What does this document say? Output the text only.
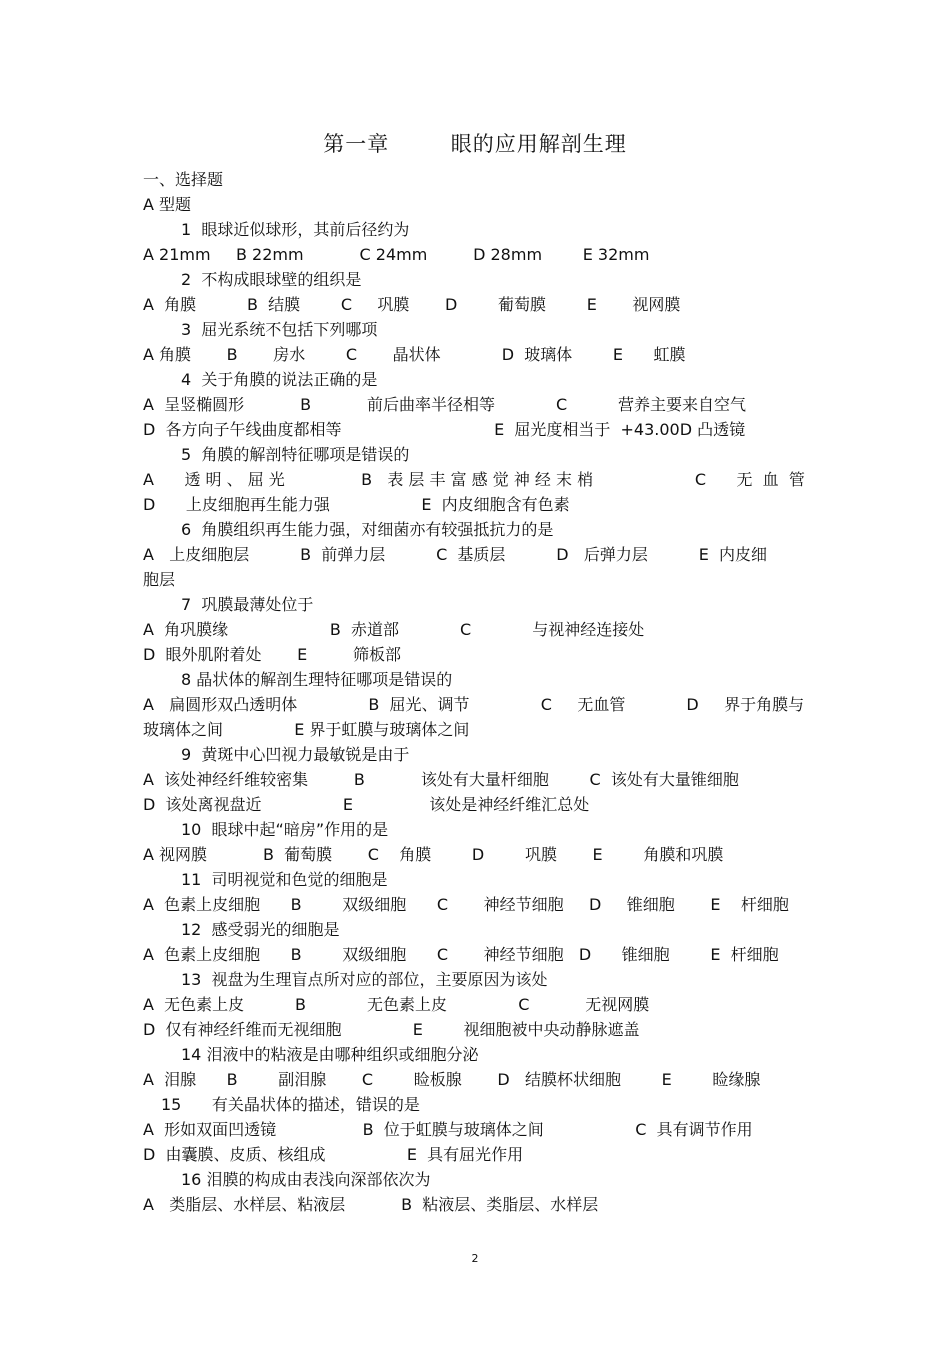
第一章        眼的应用解剖生理
一、选择题
A 型题
1  眼球近似球形，其前后径约为
A 21mm     B 22mm           C 24mm         D 28mm        E 32mm
2  不构成眼球壁的组织是
A  角膜          B  结膜        C     巩膜       D        葡萄膜        E       视网膜
3  屈光系统不包括下列哪项
A 角膜       B       房水        C       晶状体            D  玻璃体        E      虹膜
4  关于角膜的说法正确的是
A  呈竖椭圆形           B           前后曲率半径相等            C          营养主要来自空气
D  各方向子午线曲度都相等                              E  屈光度相当于  +43.00D 凸透镜
5  角膜的解剖特征哪项是错误的
A      透 明 、 屈 光               B   表 层 丰 富 感 觉 神 经 末 梢                    C      无  血  管
D      上皮细胞再生能力强                  E  内皮细胞含有色素
6  角膜组织再生能力强，对细菌亦有较强抵抗力的是
A   上皮细胞层          B  前弹力层          C  基质层          D   后弹力层          E  内皮细
胞层
7  巩膜最薄处位于
A  角巩膜缘                    B  赤道部            C            与视神经连接处
D  眼外肌附着处       E         筛板部
8 晶状体的解剖生理特征哪项是错误的
A   扁圆形双凸透明体              B  屈光、调节              C     无血管            D     界于角膜与
玻璃体之间              E 界于虹膜与玻璃体之间
9  黄斑中心凹视力最敏锐是由于
A  该处神经纤维较密集         B           该处有大量杆细胞        C  该处有大量锥细胞
D  该处离视盘近                E               该处是神经纤维汇总处
10  眼球中起“暗房”作用的是
A 视网膜           B  葡萄膜       C    角膜        D        巩膜       E        角膜和巩膜
11  司明视觉和色觉的细胞是
A  色素上皮细胞      B        双级细胞      C       神经节细胞     D     锥细胞       E    杆细胞
12  感受弱光的细胞是
A  色素上皮细胞      B        双级细胞      C       神经节细胞   D      锥细胞        E  杆细胞
13  视盘为生理盲点所对应的部位，主要原因为该处
A  无色素上皮          B            无色素上皮              C           无视网膜
D  仅有神经纤维而无视细胞              E        视细胞被中央动静脉遮盖
14 泪液中的粘液是由哪种组织或细胞分泌
A  泪腺      B        副泪腺       C        睑板腺       D   结膜杯状细胞        E        睑缘腺
15      有关晶状体的描述，错误的是
A  形如双面凹透镜                 B  位于虹膜与玻璃体之间                  C  具有调节作用
D  由囊膜、皮质、核组成                E  具有屈光作用
16 泪膜的构成由表浅向深部依次为
A   类脂层、水样层、粘液层           B  粘液层、类脂层、水样层
2
